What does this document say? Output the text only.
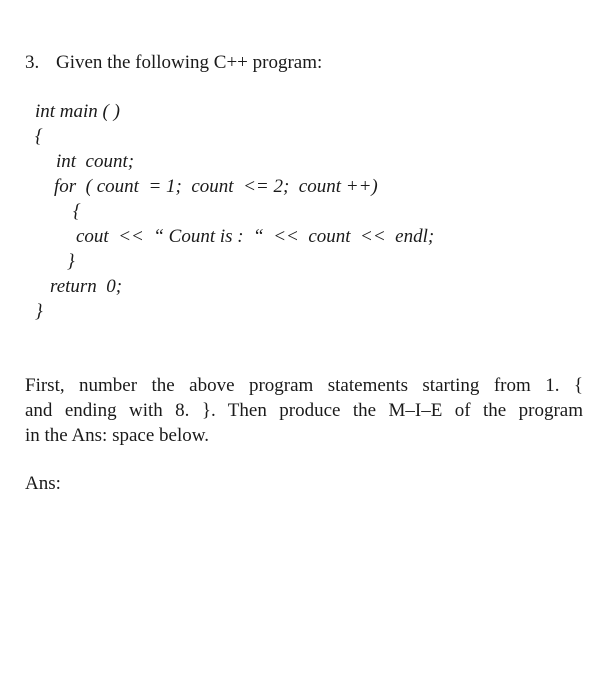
3. Given the following C++ program:
int main ( )
{
int  count;
for  ( count  = 1;  count  <= 2;  count ++)
{
cout  <<  “ Count is :  “  <<  count  <<  endl;
}
return  0;
}
First, number the above program statements starting from 1. {
and ending with 8. }. Then produce the M–I–E of the program
in the Ans: space below.
Ans:
